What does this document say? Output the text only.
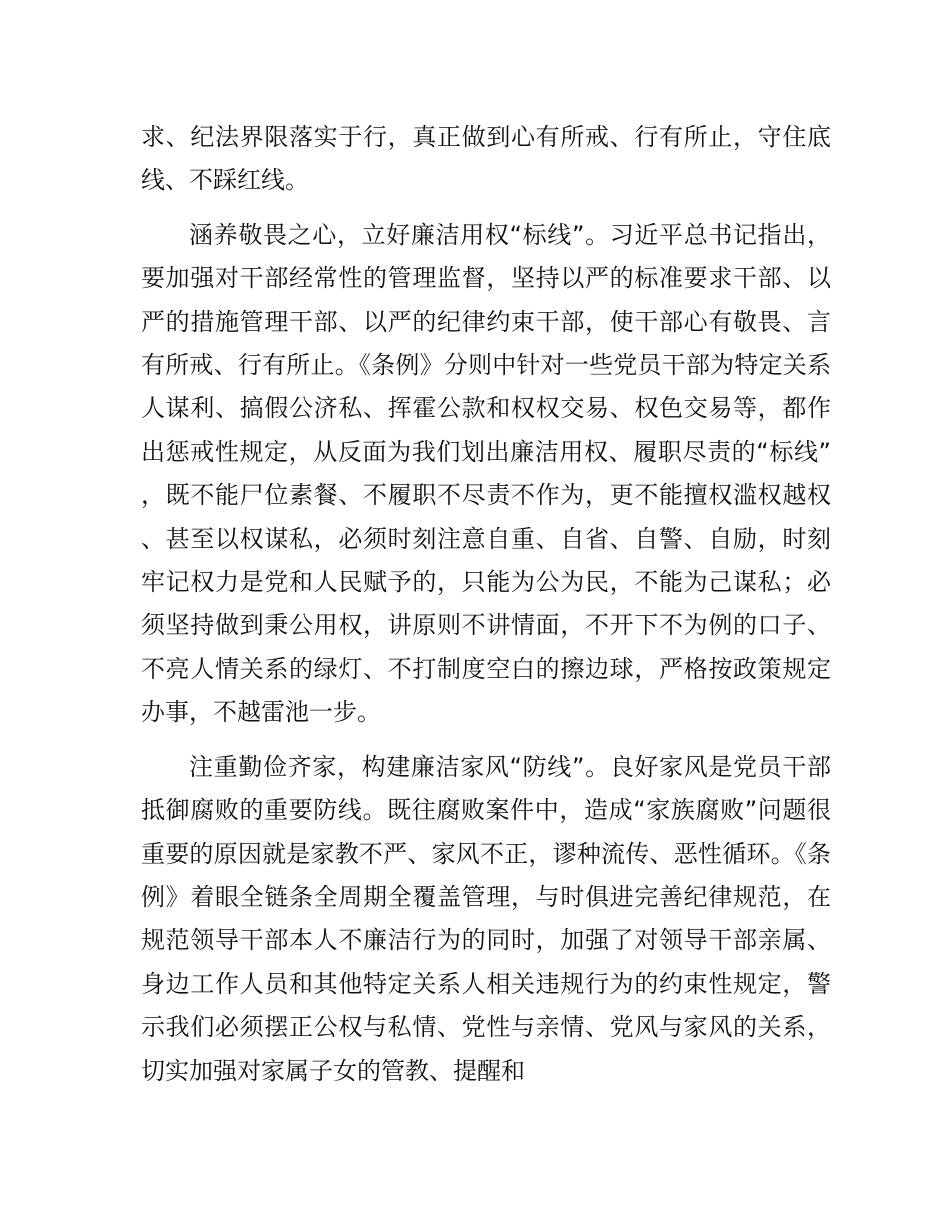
求、纪法界限落实于行，真正做到心有所戒、行有所止，守住底线、不踩红线。

涵养敬畏之心，立好廉洁用权“标线”。习近平总书记指出，要加强对干部经常性的管理监督，坚持以严的标准要求干部、以严的措施管理干部、以严的纪律约束干部，使干部心有敬畏、言有所戒、行有所止。《条例》分则中针对一些党员干部为特定关系人谋利、搞假公济私、挥霍公款和权权交易、权色交易等，都作出惩戒性规定，从反面为我们划出廉洁用权、履职尽责的“标线”，既不能尸位素餐、不履职不尽责不作为，更不能擅权滥权越权、甚至以权谋私，必须时刻注意自重、自省、自警、自励，时刻牢记权力是党和人民赋予的，只能为公为民，不能为己谋私；必须坚持做到秉公用权，讲原则不讲情面，不开下不为例的口子、不亮人情关系的绿灯、不打制度空白的擦边球，严格按政策规定办事，不越雷池一步。

注重勤俭齐家，构建廉洁家风“防线”。良好家风是党员干部抵御腐败的重要防线。既往腐败案件中，造成“家族腐败”问题很重要的原因就是家教不严、家风不正，谬种流传、恶性循环。《条例》着眼全链条全周期全覆盖管理，与时俱进完善纪律规范，在规范领导干部本人不廉洁行为的同时，加强了对领导干部亲属、身边工作人员和其他特定关系人相关违规行为的约束性规定，警示我们必须摆正公权与私情、党性与亲情、党风与家风的关系，切实加强对家属子女的管教、提醒和
